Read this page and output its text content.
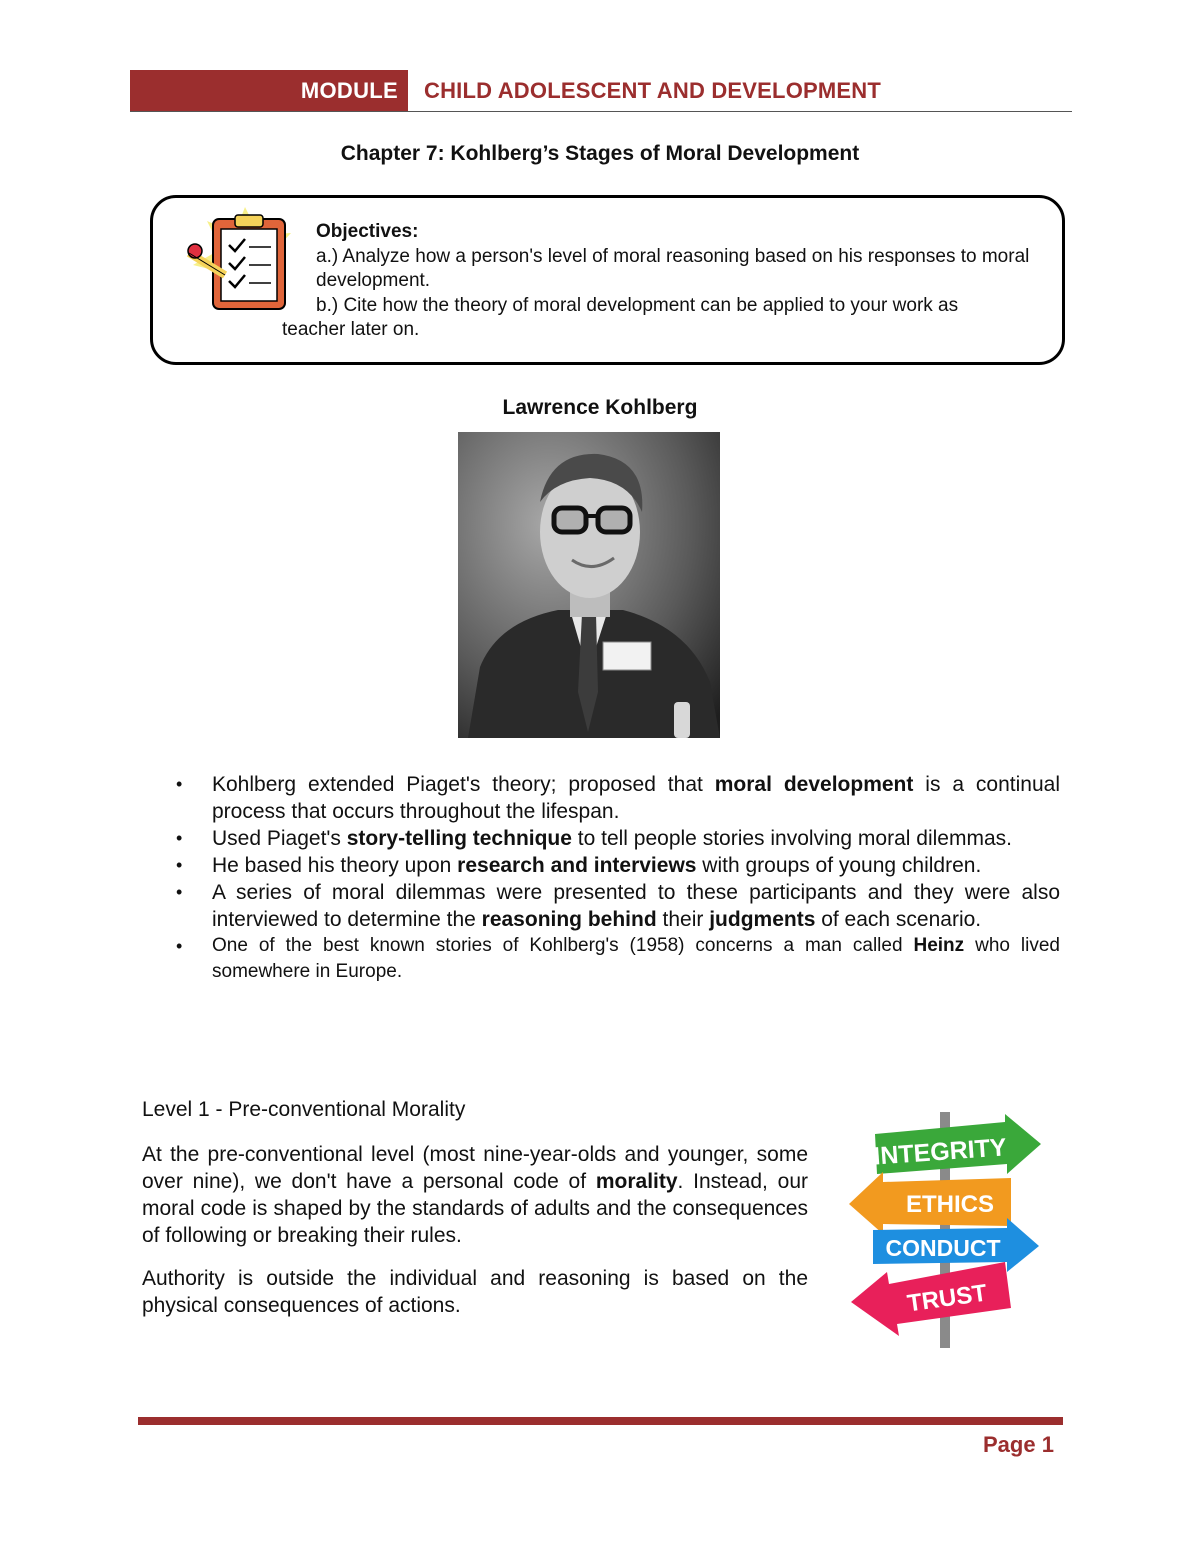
MODULE	CHILD ADOLESCENT AND DEVELOPMENT
Chapter 7: Kohlberg’s Stages of Moral Development
Objectives:
a.) Analyze how a person's level of moral reasoning based on his responses to moral development.
b.) Cite how the theory of moral development can be applied to your work as
teacher later on.
Lawrence Kohlberg
• Kohlberg extended Piaget's theory; proposed that moral development is a continual process that occurs throughout the lifespan.
• Used Piaget's story-telling technique to tell people stories involving moral dilemmas.
• He based his theory upon research and interviews with groups of young children.
• A series of moral dilemmas were presented to these participants and they were also interviewed to determine the reasoning behind their judgments of each scenario.
• One of the best known stories of Kohlberg's (1958) concerns a man called Heinz who lived somewhere in Europe.
Level 1 - Pre-conventional Morality

At the pre-conventional level (most nine-year-olds and younger, some over nine), we don't have a personal code of morality. Instead, our moral code is shaped by the standards of adults and the consequences of following or breaking their rules.

Authority is outside the individual and reasoning is based on the physical consequences of actions.

INTEGRITY
ETHICS
CONDUCT
TRUST
Page 1
